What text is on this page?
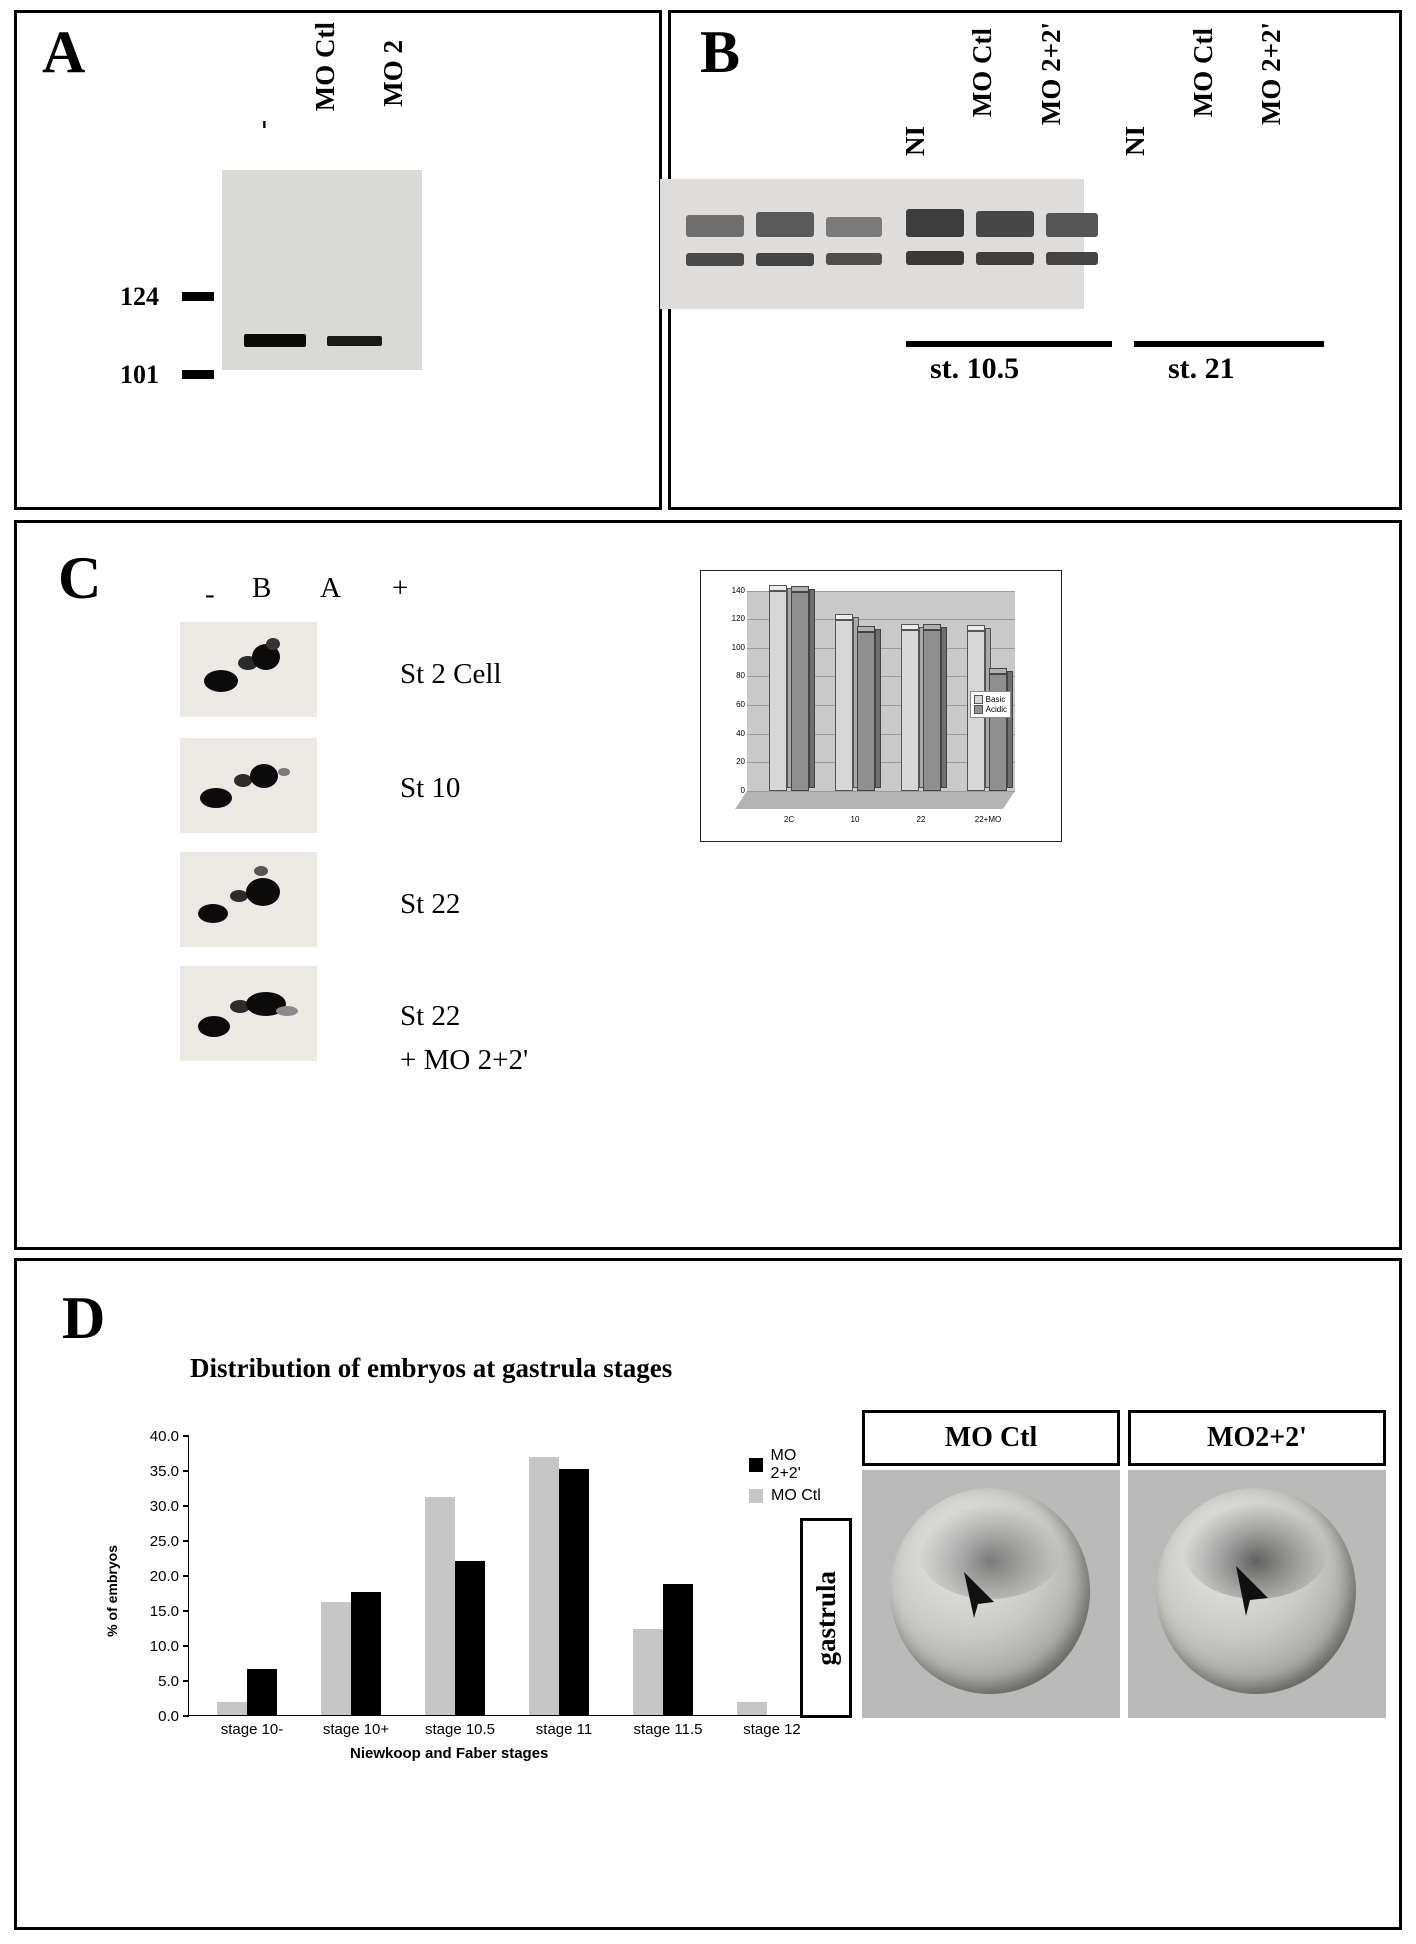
A
-
MO Ctl MO 2
124
101
B
NI
MO Ctl MO 2+2'
NI
MO Ctl MO 2+2'
st. 10.5	st. 21
C	- B A +
St 2 Cell
St 10
St 22
St 22
+ MO 2+2'
140
120
100
80
60
40
20
0
2C	10	22	22+MO
Basic
Acidic
D
Distribution of embryos at gastrula stages
% of embryos
Niewkoop and Faber stages
0.0
5.0
10.0
15.0
20.0
25.0
30.0
35.0
40.0
stage 10-	stage 10+	stage 10.5	stage 11	stage 11.5	stage 12
MO 2+2'
MO Ctl
gastrula
MO Ctl	MO2+2'
